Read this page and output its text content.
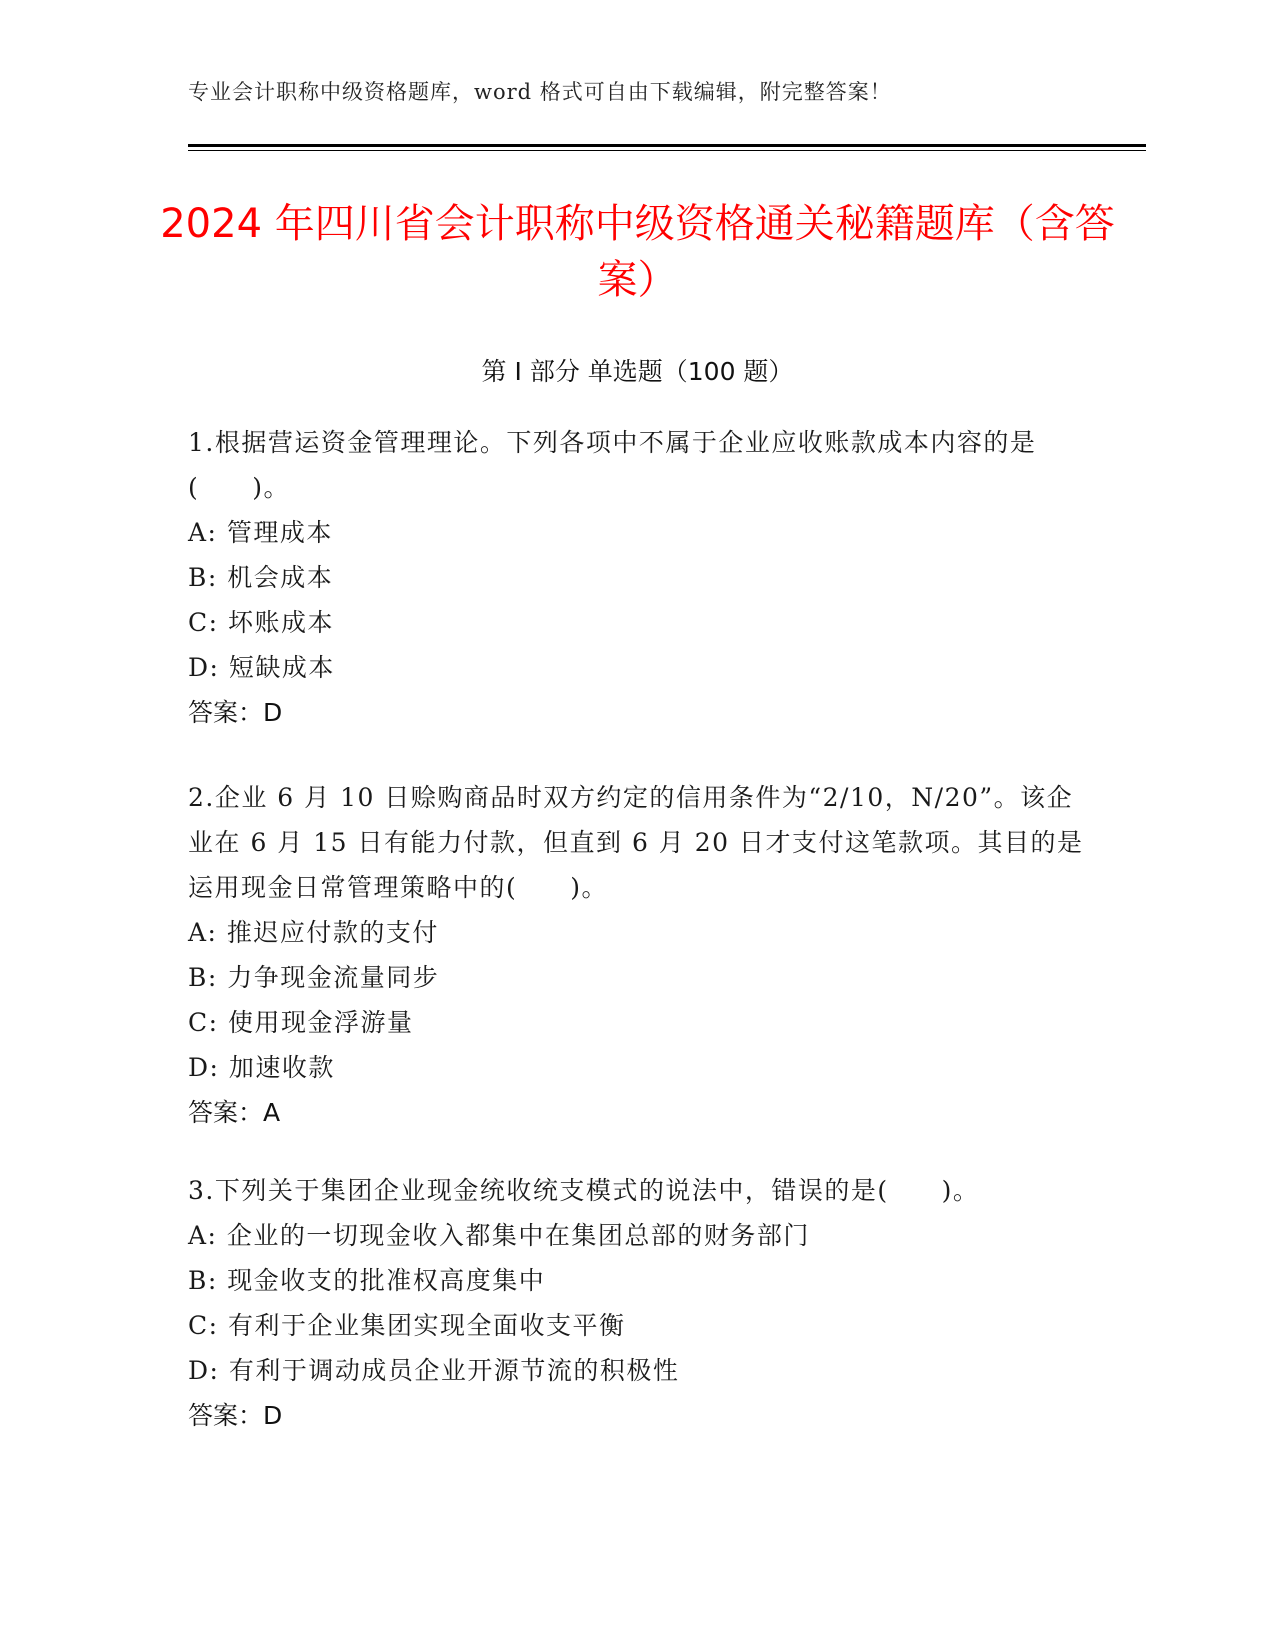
专业会计职称中级资格题库，word 格式可自由下载编辑，附完整答案！
2024 年四川省会计职称中级资格通关秘籍题库（含答案）
第 I 部分 单选题（100 题）

1.根据营运资金管理理论。下列各项中不属于企业应收账款成本内容的是(　　)。

A: 管理成本

B: 机会成本

C: 坏账成本

D: 短缺成本

答案：D

2.企业 6 月 10 日赊购商品时双方约定的信用条件为“2/10，N/20”。该企业在 6 月 15 日有能力付款，但直到 6 月 20 日才支付这笔款项。其目的是运用现金日常管理策略中的(　　)。

A: 推迟应付款的支付

B: 力争现金流量同步

C: 使用现金浮游量

D: 加速收款

答案：A

3.下列关于集团企业现金统收统支模式的说法中，错误的是(　　)。

A: 企业的一切现金收入都集中在集团总部的财务部门

B: 现金收支的批准权高度集中

C: 有利于企业集团实现全面收支平衡

D: 有利于调动成员企业开源节流的积极性

答案：D
